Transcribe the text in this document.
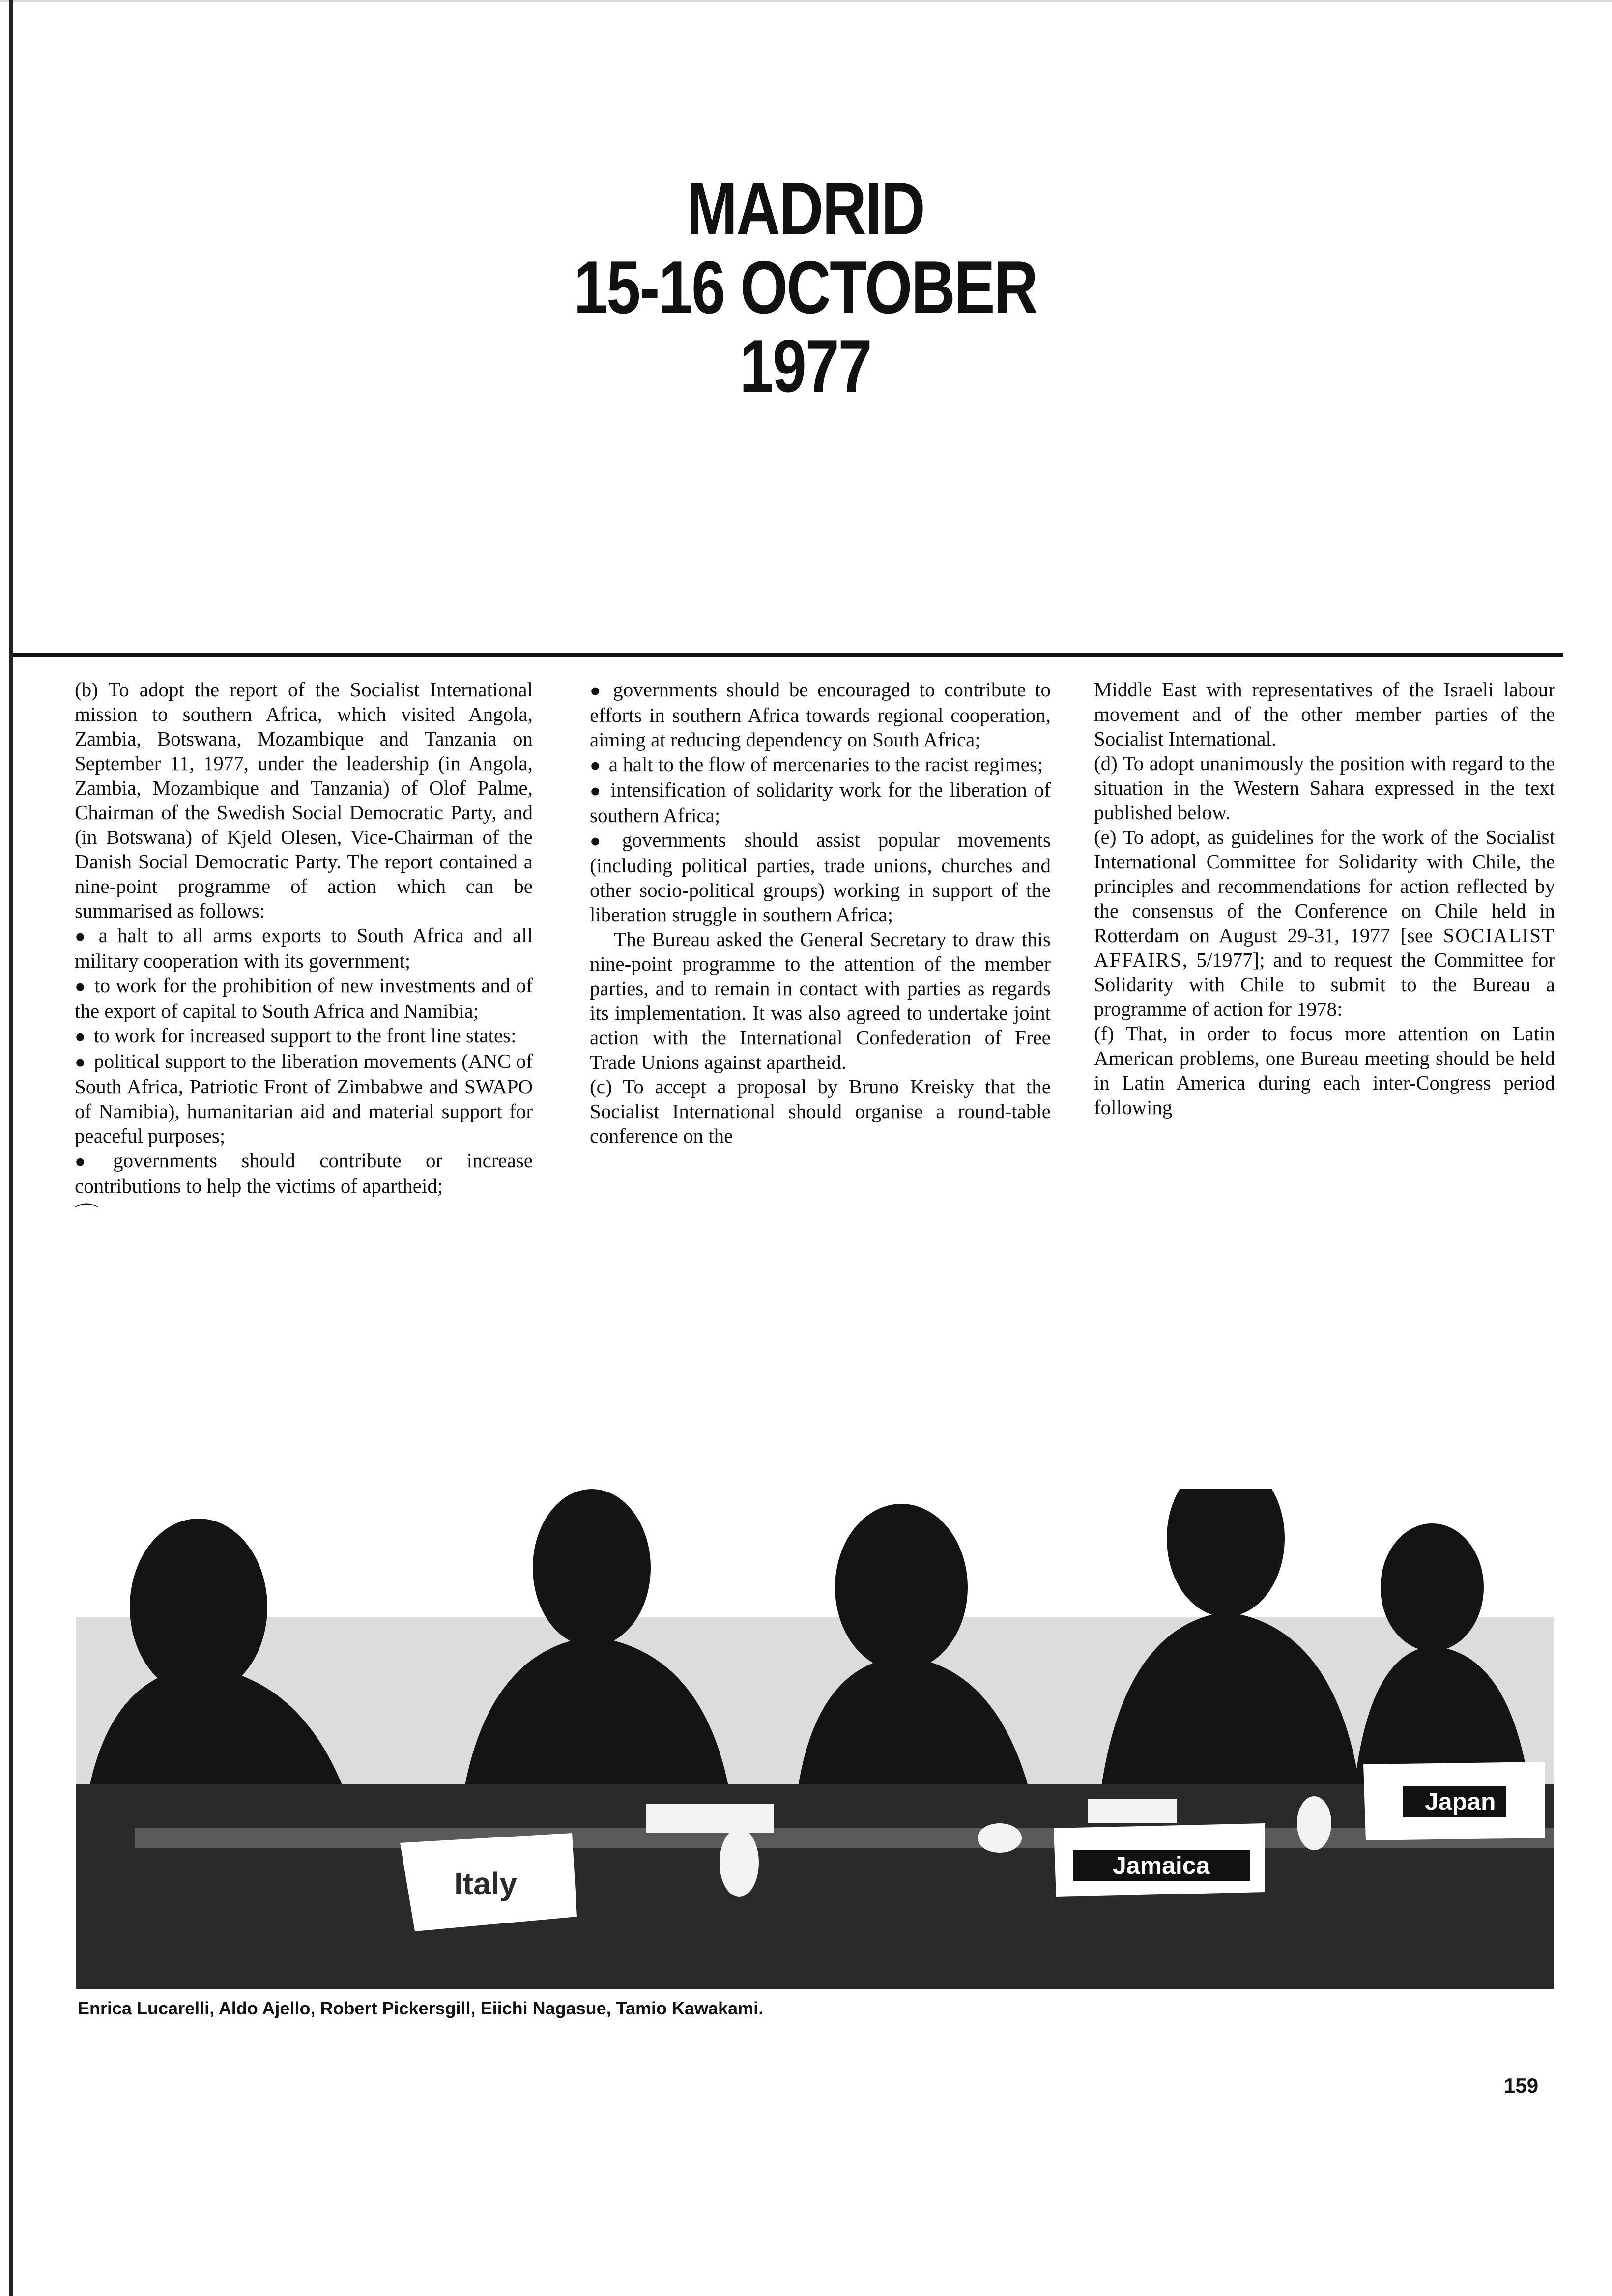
MADRID
15-16 OCTOBER
1977

(b) To adopt the report of the Socialist International mission to southern Africa, which visited Angola, Zambia, Botswana, Mozambique and Tanzania on September 11, 1977, under the leadership (in Angola, Zambia, Mozambique and Tanzania) of Olof Palme, Chairman of the Swedish Social Democratic Party, and (in Botswana) of Kjeld Olesen, Vice-Chairman of the Danish Social Democratic Party. The report contained a nine-point programme of action which can be summarised as follows:

● a halt to all arms exports to South Africa and all military cooperation with its government;

● to work for the prohibition of new investments and of the export of capital to South Africa and Namibia;

● to work for increased support to the front line states:

● political support to the liberation movements (ANC of South Africa, Patriotic Front of Zimbabwe and SWAPO of Namibia), humanitarian aid and material support for peaceful purposes;

● governments should contribute or increase contributions to help the victims of apartheid;

⌒

● governments should be encouraged to contribute to efforts in southern Africa towards regional cooperation, aiming at reducing dependency on South Africa;

● a halt to the flow of mercenaries to the racist regimes;

● intensification of solidarity work for the liberation of southern Africa;

● governments should assist popular movements (including political parties, trade unions, churches and other socio-political groups) working in support of the liberation struggle in southern Africa;

The Bureau asked the General Secretary to draw this nine-point programme to the attention of the member parties, and to remain in contact with parties as regards its implementation. It was also agreed to undertake joint action with the International Confederation of Free Trade Unions against apartheid.

(c) To accept a proposal by Bruno Kreisky that the Socialist International should organise a round-table conference on the

Middle East with representatives of the Israeli labour movement and of the other member parties of the Socialist International.

(d) To adopt unanimously the position with regard to the situation in the Western Sahara expressed in the text published below.

(e) To adopt, as guidelines for the work of the Socialist International Committee for Solidarity with Chile, the principles and recommendations for action reflected by the consensus of the Conference on Chile held in Rotterdam on August 29-31, 1977 [see SOCIALIST AFFAIRS, 5/1977]; and to request the Committee for Solidarity with Chile to submit to the Bureau a programme of action for 1978:

(f) That, in order to focus more attention on Latin American problems, one Bureau meeting should be held in Latin America during each inter-Congress period following

Italy
Jamaica
Japan

Enrica Lucarelli, Aldo Ajello, Robert Pickersgill, Eiichi Nagasue, Tamio Kawakami.

159
